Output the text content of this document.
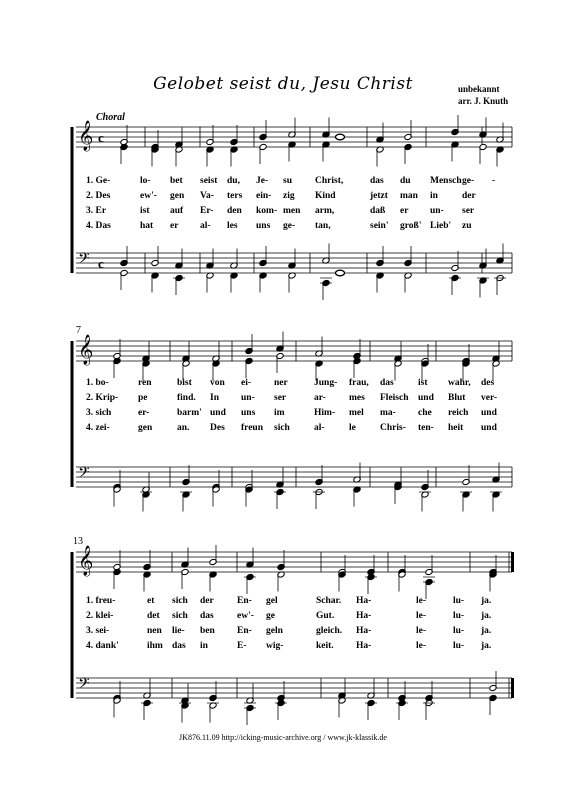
Gelobet seist du, Jesu Christ	unbekannt
arr. J. Knuth
Choral
𝄞 c
𝄢 c
𝄞
𝄢
7
𝄞
𝄢
13
1. Ge-	lo- bet seist du, Je- su Christ,	das du Mensch ge- -
2. Des	ew'- gen Va- ters ein- zig Kind	jetzt man in	der
3. Er	ist auf Er- den kom- men arm,	daß er un- ser
4. Das	hat er al- les uns ge- tan,	sein' groß' Lieb' zu
1. bo-	ren	bist von ei- ner	Jung- frau, das	ist wahr, des
2. Krip- pe	find. In un- ser	ar- mes Fleisch und Blut ver-
3. sich	er-	barm' und uns im	Him- mel ma- che reich und
4. zei-	gen	an. Des freun sich	al-	le	Chris- ten- heit und
1. freu-	et sich der En- gel	Schar. Ha-	le-	lu- ja.
2. klei-	det sich das ew'- ge	Gut. Ha-	le-	lu- ja.
3. sei-	nen lie- ben En- geln	gleich. Ha-	le-	lu- ja.
4. dank'	ihm das in	E- wig-	keit. Ha-	le-	lu- ja.
JK876.11.09 http://icking-music-archive.org / www.jk-klassik.de
